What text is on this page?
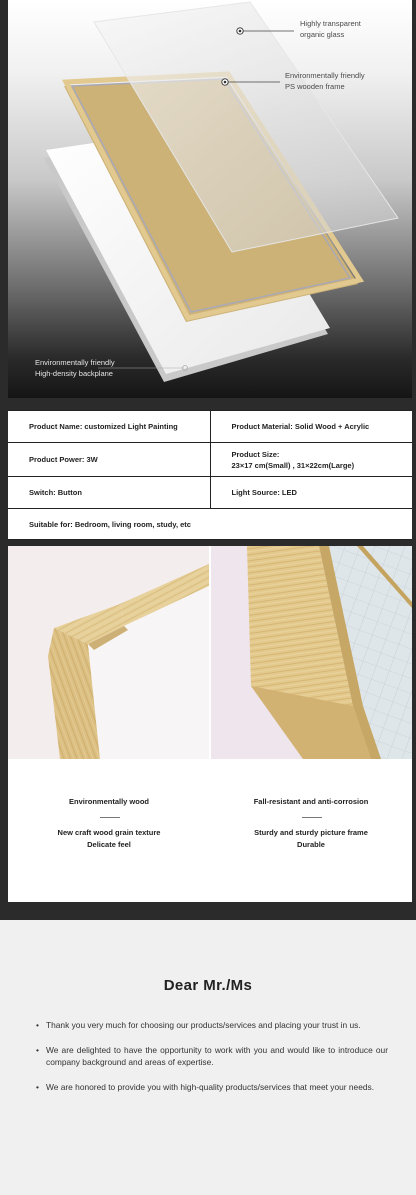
Highly transparent
organic glass
Environmentally friendly
PS wooden frame
Environmentally friendly
High-density backplane
Product Name: customized Light Painting	Product Material: Solid Wood + Acrylic
Product Power: 3W
Product Size:
23×17 cm(Small) , 31×22cm(Large)
Switch: Button	Light Source: LED
Suitable for: Bedroom, living room, study, etc
Environmentally wood
New craft wood grain texture
Delicate feel
Fall-resistant and anti-corrosion
Sturdy and sturdy picture frame
Durable
Dear Mr./Ms
• Thank you very much for choosing our products/services and placing your trust in us.
• We are delighted to have the opportunity to work with you and would like to introduce our company background and areas of expertise.
• We are honored to provide you with high-quality products/services that meet your needs.
